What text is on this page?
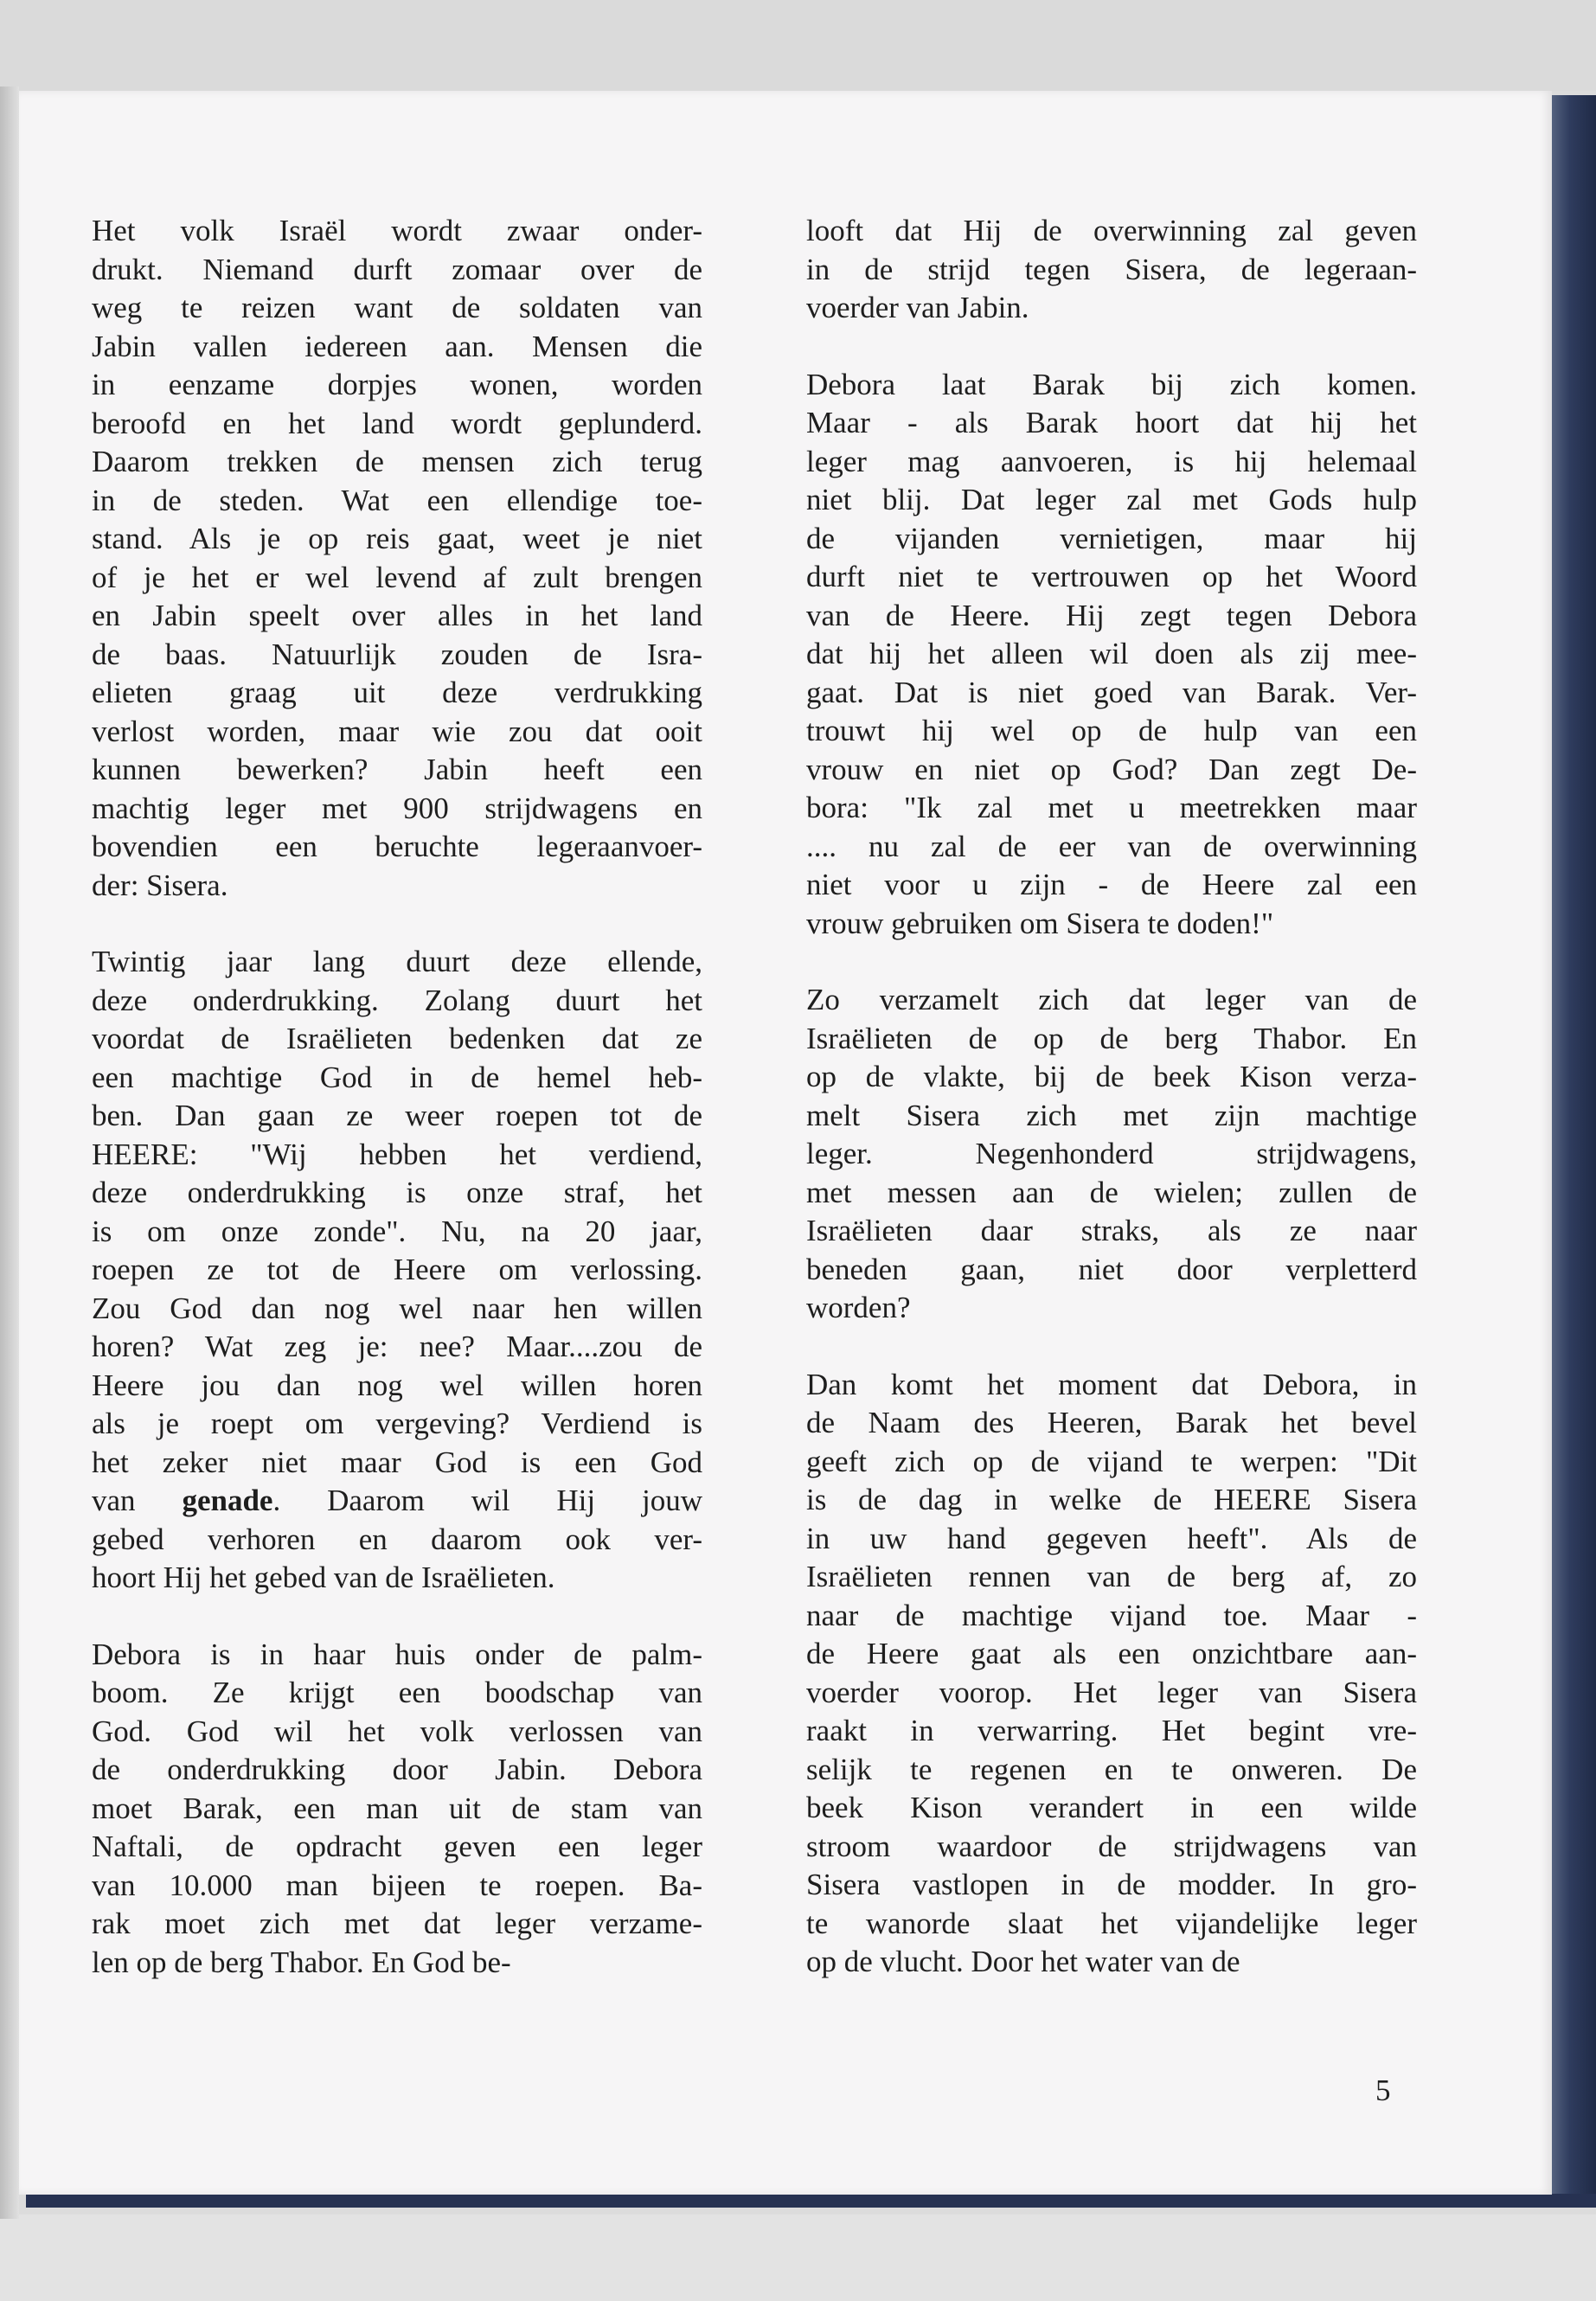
Het volk Israël wordt zwaar onder-
drukt. Niemand durft zomaar over de
weg te reizen want de soldaten van
Jabin vallen iedereen aan. Mensen die
in eenzame dorpjes wonen, worden
beroofd en het land wordt geplunderd.
Daarom trekken de mensen zich terug
in de steden. Wat een ellendige toe-
stand. Als je op reis gaat, weet je niet
of je het er wel levend af zult brengen
en Jabin speelt over alles in het land
de baas. Natuurlijk zouden de Isra-
elieten graag uit deze verdrukking
verlost worden, maar wie zou dat ooit
kunnen bewerken? Jabin heeft een
machtig leger met 900 strijdwagens en
bovendien een beruchte legeraanvoer-
der: Sisera.
Twintig jaar lang duurt deze ellende,
deze onderdrukking. Zolang duurt het
voordat de Israëlieten bedenken dat ze
een machtige God in de hemel heb-
ben. Dan gaan ze weer roepen tot de
HEERE: "Wij hebben het verdiend,
deze onderdrukking is onze straf, het
is om onze zonde". Nu, na 20 jaar,
roepen ze tot de Heere om verlossing.
Zou God dan nog wel naar hen willen
horen? Wat zeg je: nee? Maar....zou de
Heere jou dan nog wel willen horen
als je roept om vergeving? Verdiend is
het zeker niet maar God is een God
van genade. Daarom wil Hij jouw
gebed verhoren en daarom ook ver-
hoort Hij het gebed van de Israëlieten.
Debora is in haar huis onder de palm-
boom. Ze krijgt een boodschap van
God. God wil het volk verlossen van
de onderdrukking door Jabin. Debora
moet Barak, een man uit de stam van
Naftali, de opdracht geven een leger
van 10.000 man bijeen te roepen. Ba-
rak moet zich met dat leger verzame-
len op de berg Thabor. En God be-
looft dat Hij de overwinning zal geven
in de strijd tegen Sisera, de legeraan-
voerder van Jabin.
Debora laat Barak bij zich komen.
Maar - als Barak hoort dat hij het
leger mag aanvoeren, is hij helemaal
niet blij. Dat leger zal met Gods hulp
de vijanden vernietigen, maar hij
durft niet te vertrouwen op het Woord
van de Heere. Hij zegt tegen Debora
dat hij het alleen wil doen als zij mee-
gaat. Dat is niet goed van Barak. Ver-
trouwt hij wel op de hulp van een
vrouw en niet op God? Dan zegt De-
bora: "Ik zal met u meetrekken maar
.... nu zal de eer van de overwinning
niet voor u zijn - de Heere zal een
vrouw gebruiken om Sisera te doden!"
Zo verzamelt zich dat leger van de
Israëlieten de op de berg Thabor. En
op de vlakte, bij de beek Kison verza-
melt Sisera zich met zijn machtige
leger. Negenhonderd strijdwagens,
met messen aan de wielen; zullen de
Israëlieten daar straks, als ze naar
beneden gaan, niet door verpletterd
worden?
Dan komt het moment dat Debora, in
de Naam des Heeren, Barak het bevel
geeft zich op de vijand te werpen: "Dit
is de dag in welke de HEERE Sisera
in uw hand gegeven heeft". Als de
Israëlieten rennen van de berg af, zo
naar de machtige vijand toe. Maar -
de Heere gaat als een onzichtbare aan-
voerder voorop. Het leger van Sisera
raakt in verwarring. Het begint vre-
selijk te regenen en te onweren. De
beek Kison verandert in een wilde
stroom waardoor de strijdwagens van
Sisera vastlopen in de modder. In gro-
te wanorde slaat het vijandelijke leger
op de vlucht. Door het water van de
5
